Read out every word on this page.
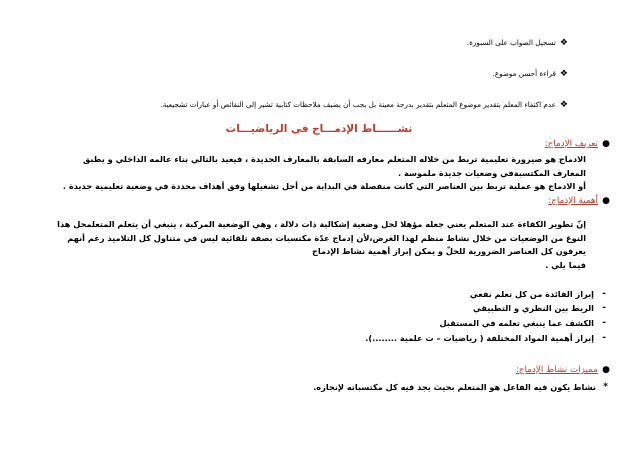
❖تسجيل الصواب على السبورة.
❖قراءة أحسن موضوع.
❖عدم اكتفاء المعلم بتقدير موضوع المتعلم بتقدير بدرجة معينة بل يجب أن يضيف ملاحظات كتابية تشير إلى النقائص أو عبارات تشجيعية.
نشــــــاط الإدمـــاج في الرياضيـــات
●
تعريف الإدماج:
الادماج هو صيرورة تعليمية تربط من خلاله المتعلم معارفه السابقة بالمعارف الجديدة ، فيعيد بالتالي بناء عالمه الداخلي و يطبق
المعارف المكتسبةفي وضعيات جديدة ملموسة .
أو الادماج هو عملية تربط بين العناصر التي كانت منفصلة في البداية من أجل تشغيلها وفق أهداف محددة في وضعية تعليمية جديدة .
●
أهمية الإدماج:
إنّ تطوير الكفاءة عند المتعلم يعني جعله مؤهلا لحل وضعية إشكالية ذات دلالة ، وهي الوضعية المركبة ، ينبغي أن يتعلم المتعلمحل هذا
النوع من الوضعيات من خلال نشاط منظم لهذا الغرض،لأن إدماج عدّة مكتسبات بصفة تلقائية ليس في متناول كل التلاميذ رغم أنهم
يعرفون كل العناصر الضرورية للحلّ و يمكن إبراز أهمية نشاط الإدماج
فيما يلي .
-
إبراز الفائدة من كل تعلم نفعي
-
الربط بين النظري و التطبيقي
-
الكشف عما ينبغي تعلمه في المستقبل
-
إبراز أهمية المواد المختلفة ( رياضيات – ت علمية ........).
●
مميزات نشاط الإدماج:
*
نشاط يكون فيه الفاعل هو المتعلم بحيث يجد فيه كل مكتسباته لإنجازه.
